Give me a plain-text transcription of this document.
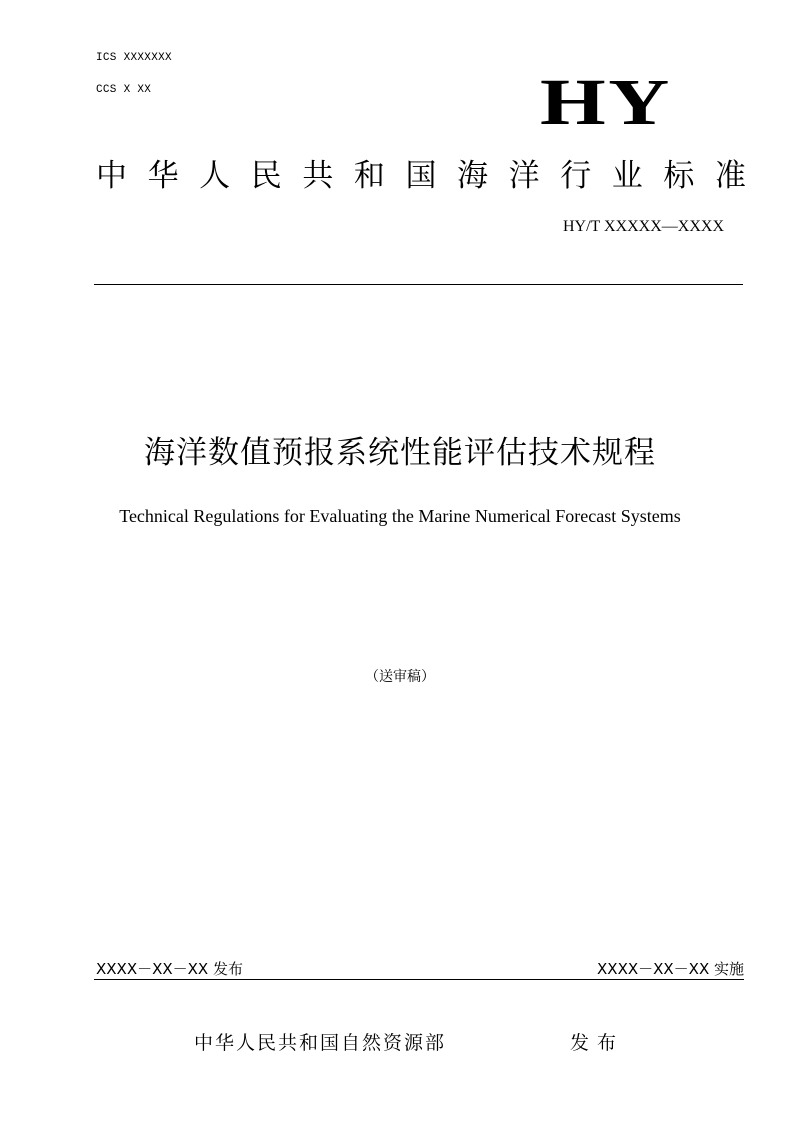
ICS XXXXXXX
CCS X XX	HY
中 华 人 民 共 和 国 海 洋 行 业 标 准
HY/T XXXXX—XXXX
海洋数值预报系统性能评估技术规程
Technical Regulations for Evaluating the Marine Numerical Forecast Systems
（送审稿）
XXXX－XX－XX 发布	XXXX－XX－XX 实施
中华人民共和国自然资源部	发布
